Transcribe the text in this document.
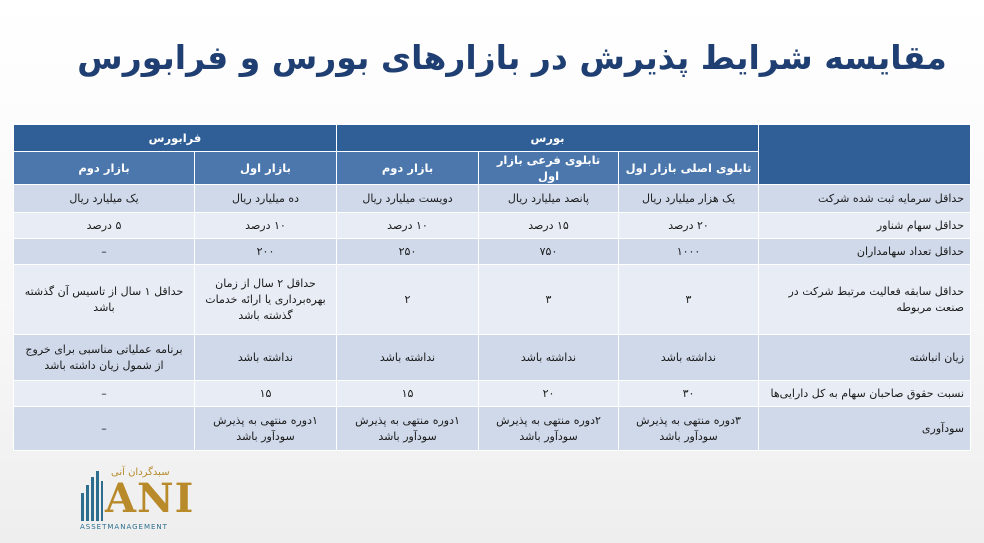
مقایسه شرایط پذیرش در بازارهای بورس و فرابورس
	بورس			فرابورس	
	تابلوی اصلی بازار اول	تابلوی فرعی بازار اول	بازار دوم	بازار اول	بازار دوم
حداقل سرمایه ثبت شده شرکت	یک هزار میلیارد ریال	پانصد میلیارد ریال	دویست میلیارد ریال	ده میلیارد ریال	یک میلیارد ریال
حداقل سهام شناور	۲۰ درصد	۱۵ درصد	۱۰ درصد	۱۰ درصد	۵ درصد
حداقل تعداد سهامداران	۱۰۰۰	۷۵۰	۲۵۰	۲۰۰	–
حداقل سابقه فعالیت مرتبط شرکت در صنعت مربوطه	۳	۳	۲	حداقل ۲ سال از زمان بهره‌برداری یا ارائه خدمات گذشته باشد	حداقل ۱ سال از تاسیس آن گذشته باشد
زیان انباشته	نداشته باشد	نداشته باشد	نداشته باشد	نداشته باشد	برنامه عملیاتی مناسبی برای خروج از شمول زیان داشته باشد
نسبت حقوق صاحبان سهام به کل دارایی‌ها	۳۰	۲۰	۱۵	۱۵	–
سودآوری	۳دوره منتهی به پذیرش سودآور باشد	۲دوره منتهی به پذیرش سودآور باشد	۱دوره منتهی به پذیرش سودآور باشد	۱دوره منتهی به پذیرش سودآور باشد	–
سبدگردان آنی
ANI
ASSETMANAGEMENT
